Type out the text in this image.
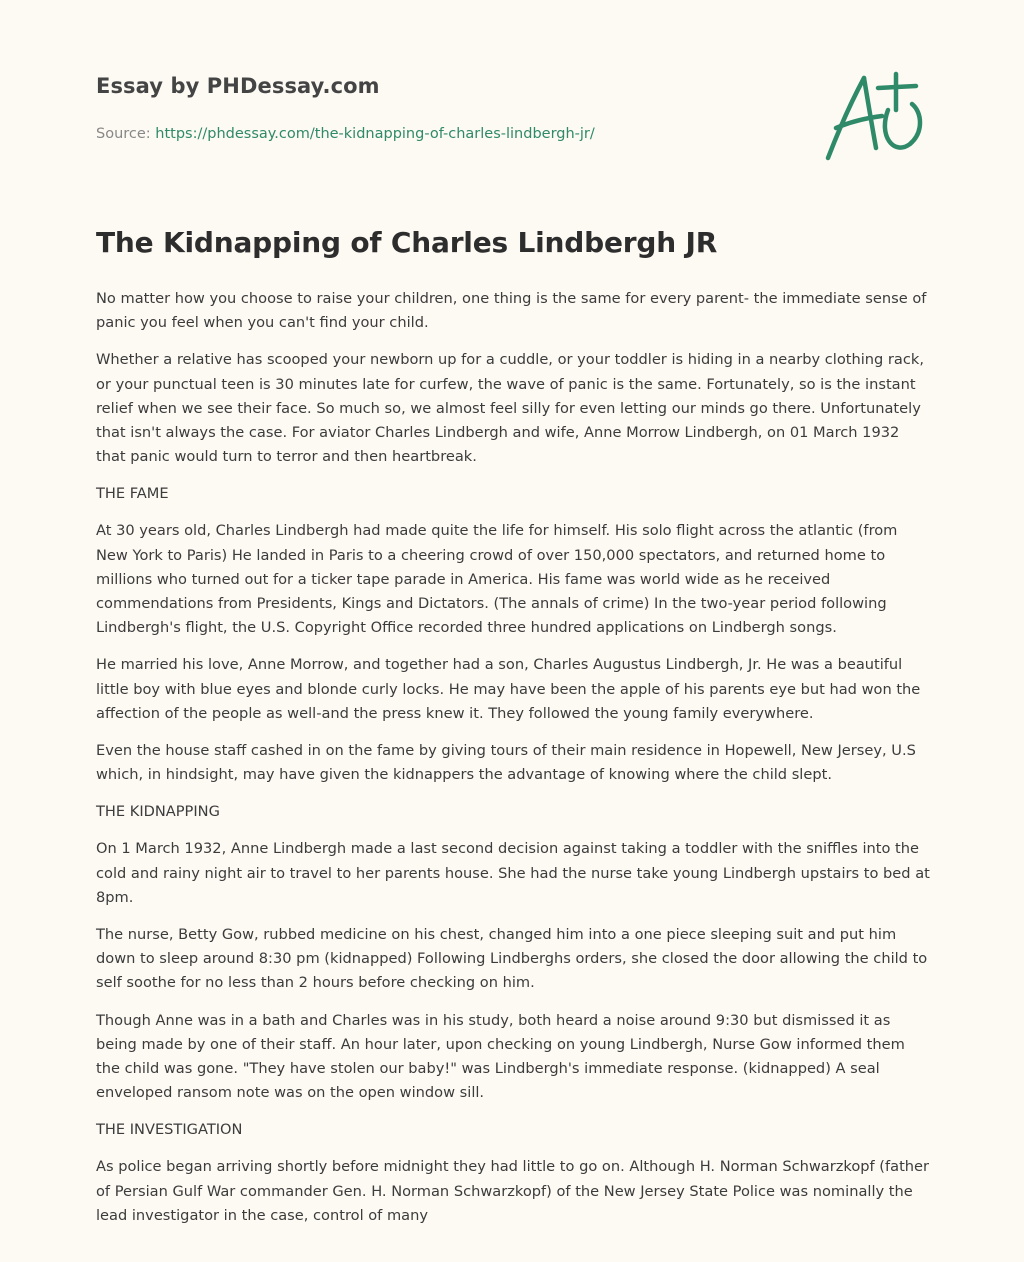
Essay by PHDessay.com
Source: https://phdessay.com/the-kidnapping-of-charles-lindbergh-jr/
The Kidnapping of Charles Lindbergh JR

No matter how you choose to raise your children, one thing is the same for every parent- the immediate sense of panic you feel when you can't find your child.

Whether a relative has scooped your newborn up for a cuddle, or your toddler is hiding in a nearby clothing rack, or your punctual teen is 30 minutes late for curfew, the wave of panic is the same. Fortunately, so is the instant relief when we see their face. So much so, we almost feel silly for even letting our minds go there. Unfortunately that isn't always the case. For aviator Charles Lindbergh and wife, Anne Morrow Lindbergh, on 01 March 1932 that panic would turn to terror and then heartbreak.

THE FAME

At 30 years old, Charles Lindbergh had made quite the life for himself. His solo flight across the atlantic (from New York to Paris) He landed in Paris to a cheering crowd of over 150,000 spectators, and returned home to millions who turned out for a ticker tape parade in America. His fame was world wide as he received commendations from Presidents, Kings and Dictators. (The annals of crime) In the two-year period following Lindbergh's flight, the U.S. Copyright Office recorded three hundred applications on Lindbergh songs.

He married his love, Anne Morrow, and together had a son, Charles Augustus Lindbergh, Jr. He was a beautiful little boy with blue eyes and blonde curly locks. He may have been the apple of his parents eye but had won the affection of the people as well-and the press knew it. They followed the young family everywhere.

Even the house staff cashed in on the fame by giving tours of their main residence in Hopewell, New Jersey, U.S which, in hindsight, may have given the kidnappers the advantage of knowing where the child slept.

THE KIDNAPPING

On 1 March 1932, Anne Lindbergh made a last second decision against taking a toddler with the sniffles into the cold and rainy night air to travel to her parents house. She had the nurse take young Lindbergh upstairs to bed at 8pm.

The nurse, Betty Gow, rubbed medicine on his chest, changed him into a one piece sleeping suit and put him down to sleep around 8:30 pm (kidnapped) Following Lindberghs orders, she closed the door allowing the child to self soothe for no less than 2 hours before checking on him.

Though Anne was in a bath and Charles was in his study, both heard a noise around 9:30 but dismissed it as being made by one of their staff. An hour later, upon checking on young Lindbergh, Nurse Gow informed them the child was gone. "They have stolen our baby!" was Lindbergh's immediate response. (kidnapped) A seal enveloped ransom note was on the open window sill.

THE INVESTIGATION

As police began arriving shortly before midnight they had little to go on. Although H. Norman Schwarzkopf (father of Persian Gulf War commander Gen. H. Norman Schwarzkopf) of the New Jersey State Police was nominally the lead investigator in the case, control of many
